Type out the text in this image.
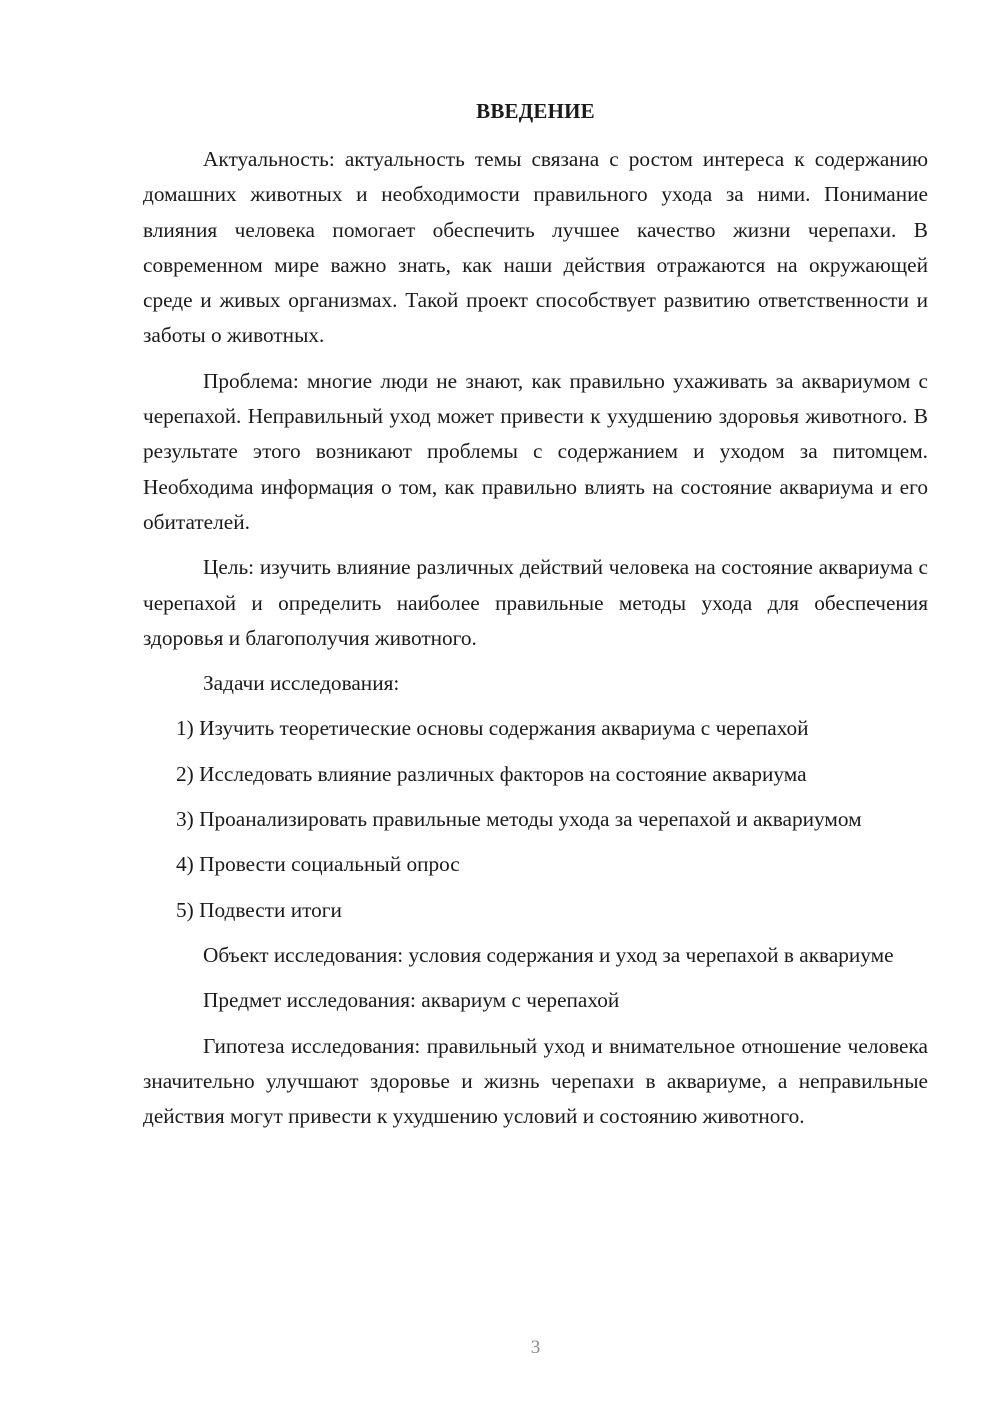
ВВЕДЕНИЕ

Актуальность: актуальность темы связана с ростом интереса к содержанию домашних животных и необходимости правильного ухода за ними. Понимание влияния человека помогает обеспечить лучшее качество жизни черепахи. В современном мире важно знать, как наши действия отражаются на окружающей среде и живых организмах. Такой проект способствует развитию ответственности и заботы о животных.

Проблема: многие люди не знают, как правильно ухаживать за аквариумом с черепахой. Неправильный уход может привести к ухудшению здоровья животного. В результате этого возникают проблемы с содержанием и уходом за питомцем. Необходима информация о том, как правильно влиять на состояние аквариума и его обитателей.

Цель: изучить влияние различных действий человека на состояние аквариума с черепахой и определить наиболее правильные методы ухода для обеспечения здоровья и благополучия животного.

Задачи исследования:

1) Изучить теоретические основы содержания аквариума с черепахой

2) Исследовать влияние различных факторов на состояние аквариума

3) Проанализировать правильные методы ухода за черепахой и аквариумом

4) Провести социальный опрос

5) Подвести итоги

Объект исследования: условия содержания и уход за черепахой в аквариуме

Предмет исследования: аквариум с черепахой

Гипотеза исследования: правильный уход и внимательное отношение человека значительно улучшают здоровье и жизнь черепахи в аквариуме, а неправильные действия могут привести к ухудшению условий и состоянию животного.

3
